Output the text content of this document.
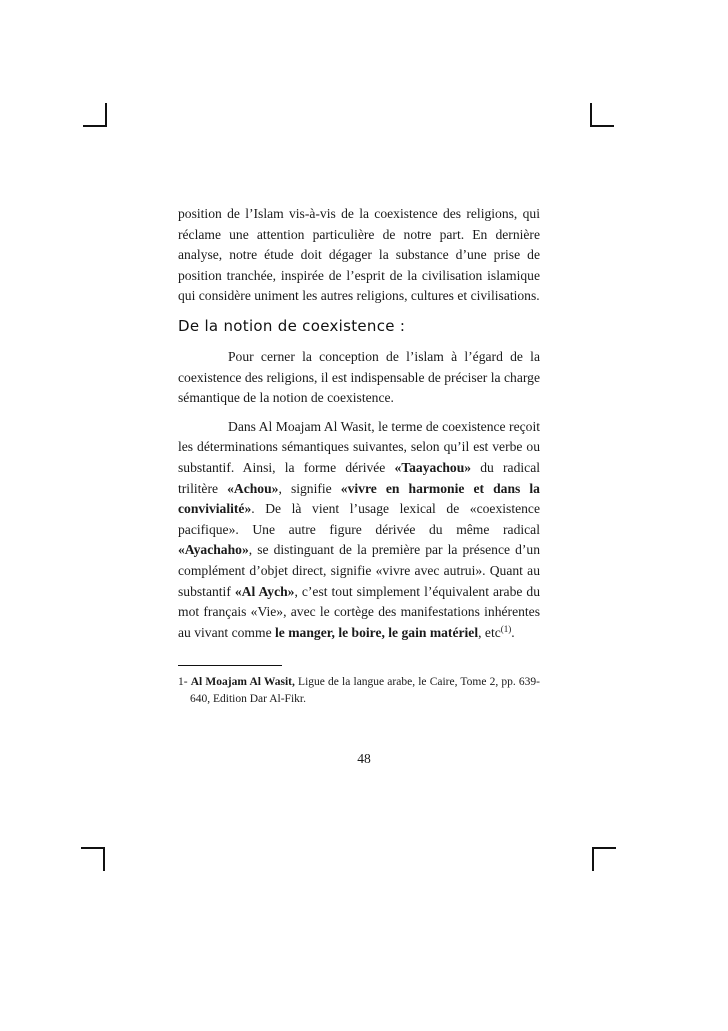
position de l’Islam vis-à-vis de la coexistence des religions, qui réclame une attention particulière de notre part. En dernière analyse, notre étude doit dégager la substance d’une prise de position tranchée, inspirée de l’esprit de la civilisation islamique qui considère uniment les autres religions, cultures et civilisations.

De la notion de coexistence :

Pour cerner la conception de l’islam à l’égard de la coexistence des religions, il est indispensable de préciser la charge sémantique de la notion de coexistence.

Dans Al Moajam Al Wasit, le terme de coexistence reçoit les déterminations sémantiques suivantes, selon qu’il est verbe ou substantif. Ainsi, la forme dérivée «Taayachou» du radical trilitère «Achou», signifie «vivre en harmonie et dans la convivialité». De là vient l’usage lexical de «coexistence pacifique». Une autre figure dérivée du même radical «Ayachaho», se distinguant de la première par la présence d’un complément d’objet direct, signifie «vivre avec autrui». Quant au substantif «Al Aych», c’est tout simplement l’équivalent arabe du mot français «Vie», avec le cortège des manifestations inhérentes au vivant comme le manger, le boire, le gain matériel, etc$^{(1)}$.

1- Al Moajam Al Wasit, Ligue de la langue arabe, le Caire, Tome 2, pp. 639-640, Edition Dar Al-Fikr.

48
